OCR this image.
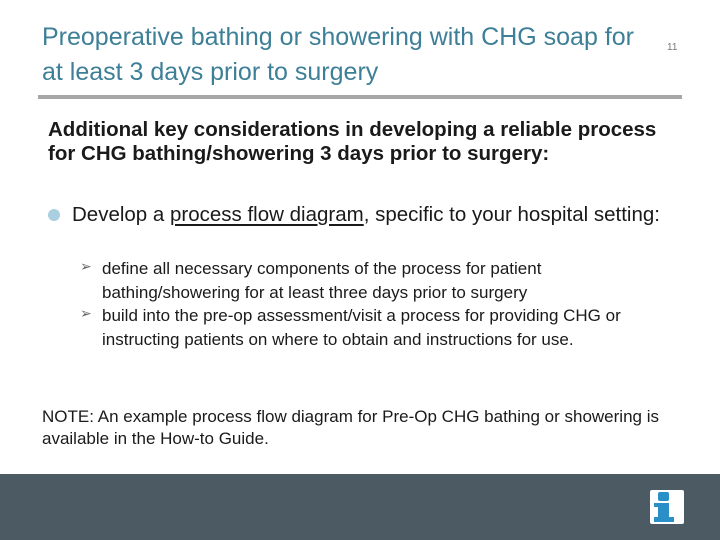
Preoperative bathing or showering with CHG soap for at least 3 days prior to surgery
11
Additional key considerations in developing a reliable process for CHG bathing/showering 3 days prior to surgery:
Develop a process flow diagram, specific to your hospital setting:
➢ define all necessary components of the process for patient bathing/showering for at least three days prior to surgery
➢ build into the pre-op assessment/visit a process for providing CHG or instructing patients on where to obtain and instructions for use.
NOTE: An example process flow diagram for Pre-Op CHG bathing or showering is available in the How-to Guide.
